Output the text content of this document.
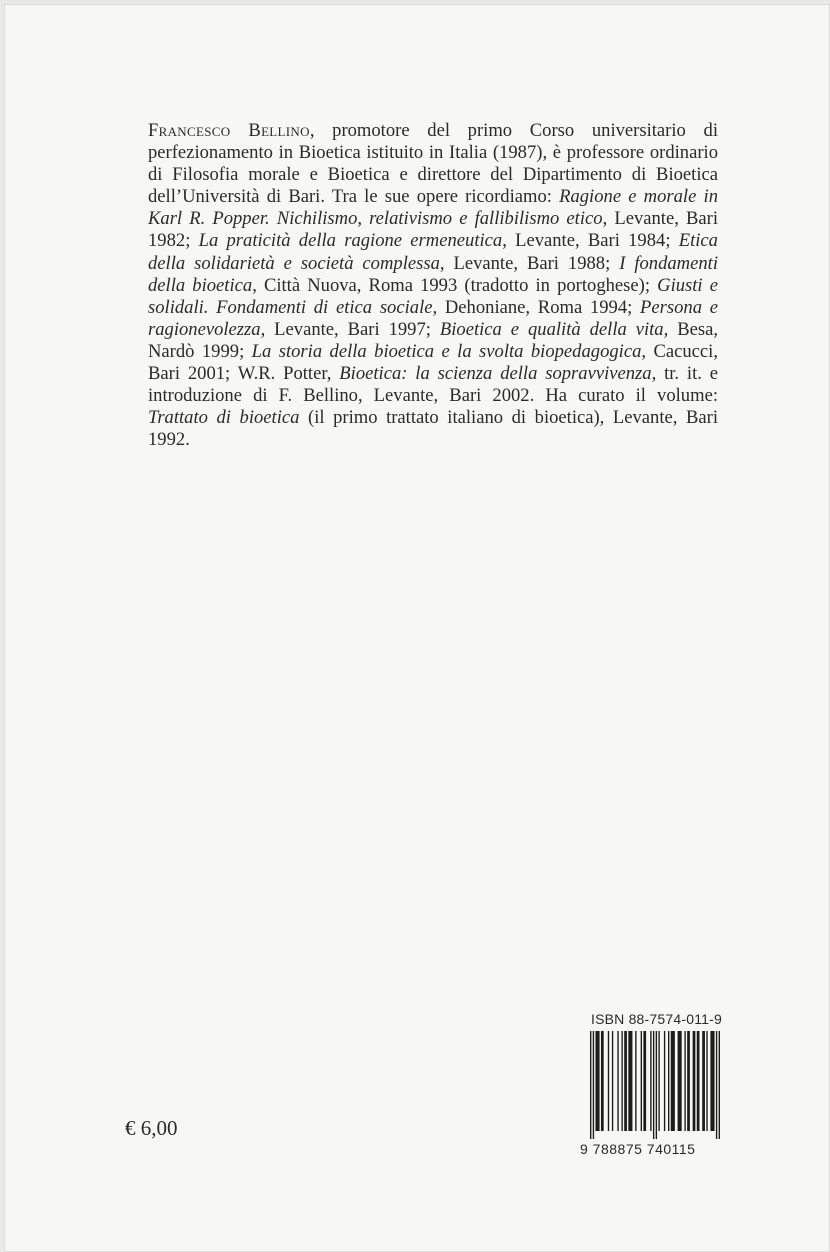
Francesco Bellino, promotore del primo Corso universitario di perfezionamento in Bioetica istituito in Italia (1987), è professore ordinario di Filosofia morale e Bioetica e direttore del Dipartimento di Bioetica dell’Università di Bari. Tra le sue opere ricordiamo: Ragione e morale in Karl R. Popper. Nichilismo, relativismo e fallibilismo etico, Levante, Bari 1982; La praticità della ragione ermeneutica, Levante, Bari 1984; Etica della solidarietà e società complessa, Levante, Bari 1988; I fondamenti della bioetica, Città Nuova, Roma 1993 (tradotto in portoghese); Giusti e solidali. Fondamenti di etica sociale, Dehoniane, Roma 1994; Persona e ragionevolezza, Levante, Bari 1997; Bioetica e qualità della vita, Besa, Nardò 1999; La storia della bioetica e la svolta biopedagogica, Cacucci, Bari 2001; W.R. Potter, Bioetica: la scienza della sopravvivenza, tr. it. e introduzione di F. Bellino, Levante, Bari 2002. Ha curato il volume: Trattato di bioetica (il primo trattato italiano di bioetica), Levante, Bari 1992.

€ 6,00
ISBN 88-7574-011-9
9 788875 740115
